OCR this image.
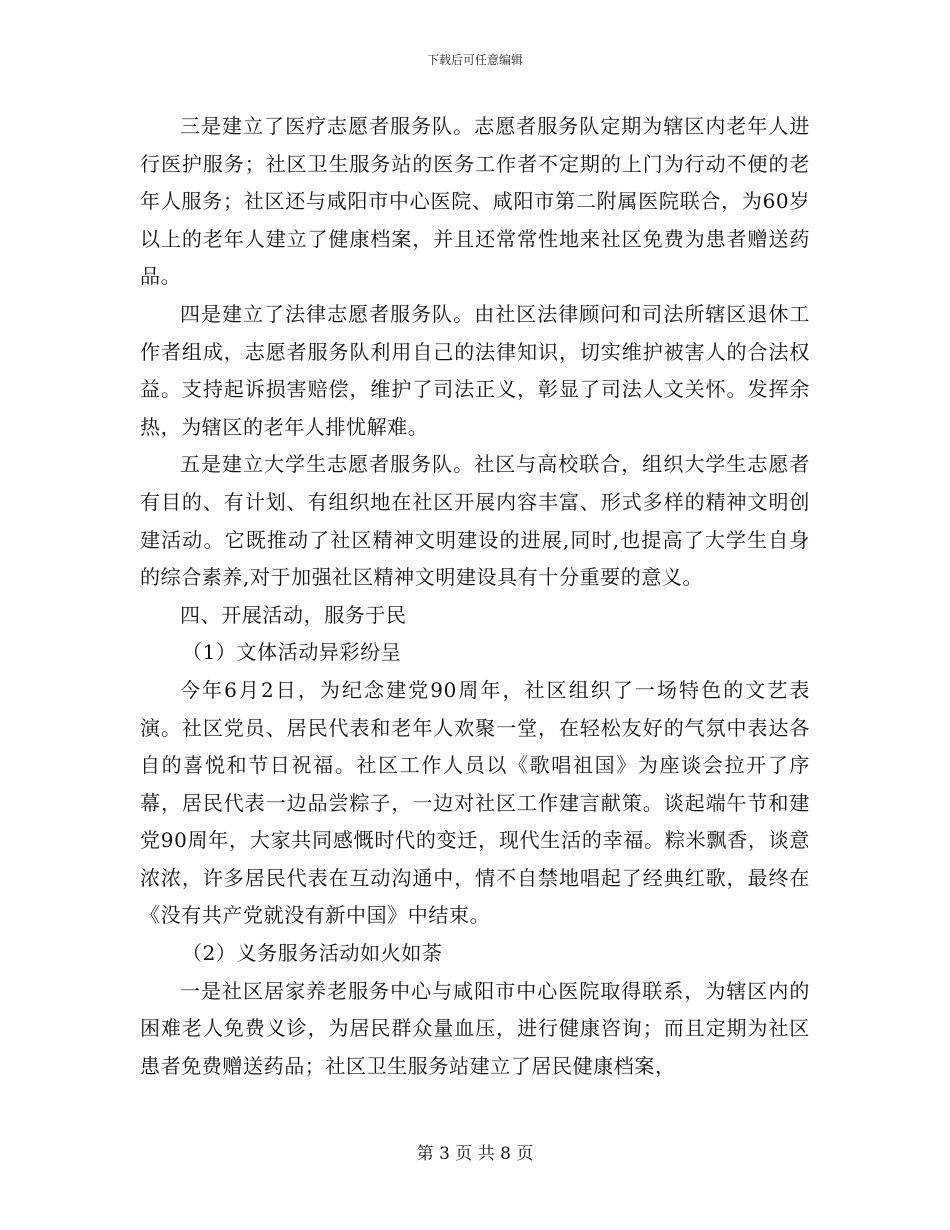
下载后可任意编辑

三是建立了医疗志愿者服务队。志愿者服务队定期为辖区内老年人进行医护服务；社区卫生服务站的医务工作者不定期的上门为行动不便的老年人服务；社区还与咸阳市中心医院、咸阳市第二附属医院联合，为60岁以上的老年人建立了健康档案，并且还常常性地来社区免费为患者赠送药品。

四是建立了法律志愿者服务队。由社区法律顾问和司法所辖区退休工作者组成，志愿者服务队利用自己的法律知识，切实维护被害人的合法权益。支持起诉损害赔偿，维护了司法正义，彰显了司法人文关怀。发挥余热，为辖区的老年人排忧解难。

五是建立大学生志愿者服务队。社区与高校联合，组织大学生志愿者有目的、有计划、有组织地在社区开展内容丰富、形式多样的精神文明创建活动。它既推动了社区精神文明建设的进展,同时,也提高了大学生自身的综合素养,对于加强社区精神文明建设具有十分重要的意义。

四、开展活动，服务于民

（1）文体活动异彩纷呈

今年6月2日，为纪念建党90周年，社区组织了一场特色的文艺表演。社区党员、居民代表和老年人欢聚一堂，在轻松友好的气氛中表达各自的喜悦和节日祝福。社区工作人员以《歌唱祖国》为座谈会拉开了序幕，居民代表一边品尝粽子，一边对社区工作建言献策。谈起端午节和建党90周年，大家共同感慨时代的变迁，现代生活的幸福。粽米飘香，谈意浓浓，许多居民代表在互动沟通中，情不自禁地唱起了经典红歌，最终在《没有共产党就没有新中国》中结束。

（2）义务服务活动如火如荼

一是社区居家养老服务中心与咸阳市中心医院取得联系，为辖区内的困难老人免费义诊，为居民群众量血压，进行健康咨询；而且定期为社区患者免费赠送药品；社区卫生服务站建立了居民健康档案，

第 3 页 共 8 页
